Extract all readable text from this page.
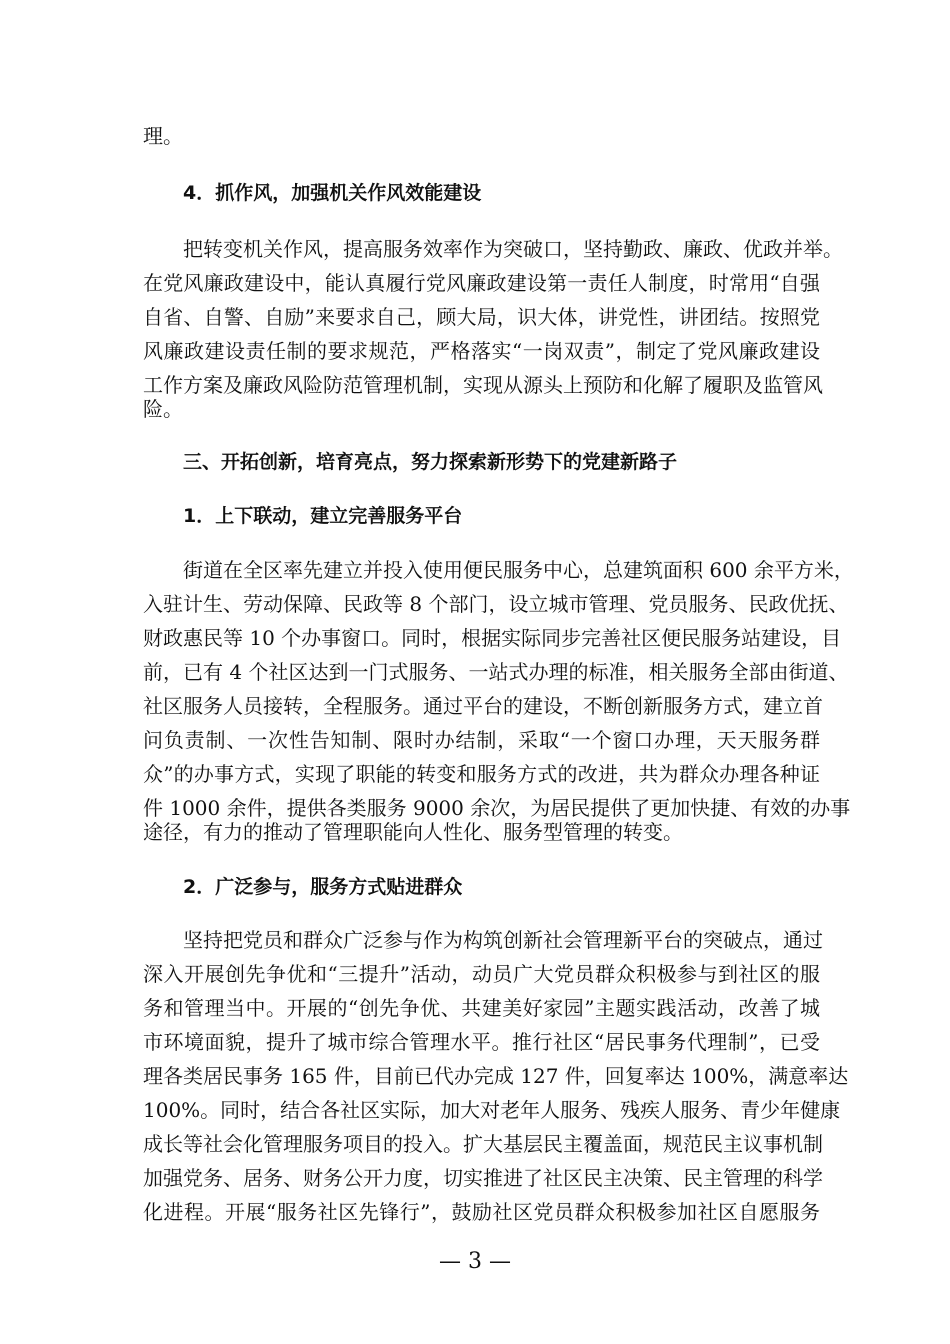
理。
4．抓作风，加强机关作风效能建设
把转变机关作风，提高服务效率作为突破口，坚持勤政、廉政、优政并举。
在党风廉政建设中，能认真履行党风廉政建设第一责任人制度，时常用“自强
自省、自警、自励”来要求自己，顾大局，识大体，讲党性，讲团结。按照党
风廉政建设责任制的要求规范，严格落实“一岗双责”，制定了党风廉政建设
工作方案及廉政风险防范管理机制，实现从源头上预防和化解了履职及监管风
险。
三、开拓创新，培育亮点，努力探索新形势下的党建新路子
1．上下联动，建立完善服务平台
街道在全区率先建立并投入使用便民服务中心，总建筑面积 600 余平方米，
入驻计生、劳动保障、民政等 8 个部门，设立城市管理、党员服务、民政优抚、
财政惠民等 10 个办事窗口。同时，根据实际同步完善社区便民服务站建设，目
前，已有 4 个社区达到一门式服务、一站式办理的标准，相关服务全部由街道、
社区服务人员接转，全程服务。通过平台的建设，不断创新服务方式，建立首
问负责制、一次性告知制、限时办结制，采取“一个窗口办理，天天服务群
众”的办事方式，实现了职能的转变和服务方式的改进，共为群众办理各种证
件 1000 余件，提供各类服务 9000 余次，为居民提供了更加快捷、有效的办事
途径，有力的推动了管理职能向人性化、服务型管理的转变。
2．广泛参与，服务方式贴进群众
坚持把党员和群众广泛参与作为构筑创新社会管理新平台的突破点，通过
深入开展创先争优和“三提升”活动，动员广大党员群众积极参与到社区的服
务和管理当中。开展的“创先争优、共建美好家园”主题实践活动，改善了城
市环境面貌，提升了城市综合管理水平。推行社区“居民事务代理制”，已受
理各类居民事务 165 件，目前已代办完成 127 件，回复率达 100%，满意率达
100%。同时，结合各社区实际，加大对老年人服务、残疾人服务、青少年健康
成长等社会化管理服务项目的投入。扩大基层民主覆盖面，规范民主议事机制
加强党务、居务、财务公开力度，切实推进了社区民主决策、民主管理的科学
化进程。开展“服务社区先锋行”，鼓励社区党员群众积极参加社区自愿服务
— 3 —
